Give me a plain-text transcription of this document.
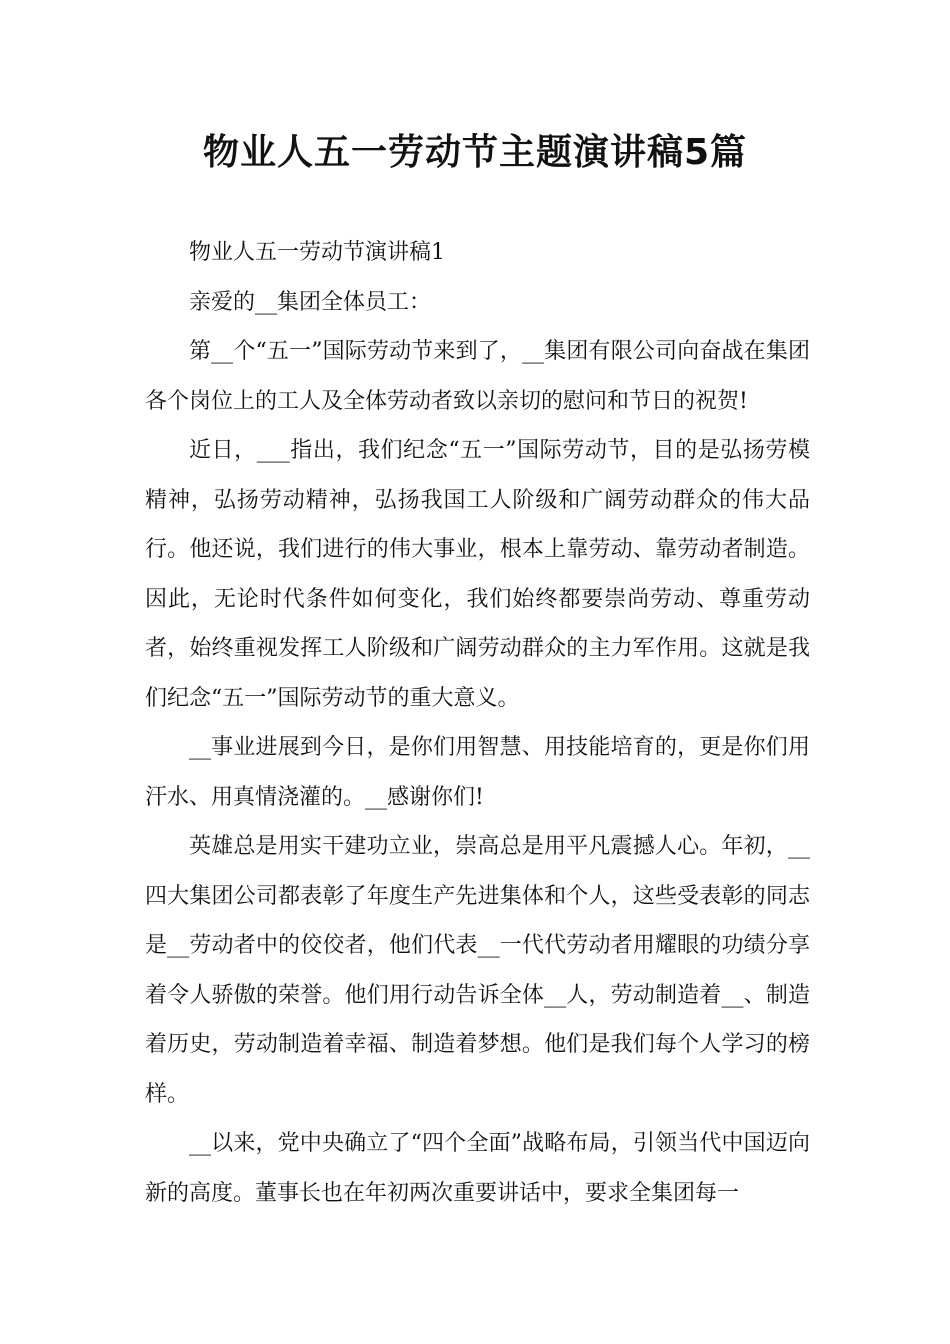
物业人五一劳动节主题演讲稿5篇

物业人五一劳动节演讲稿1

亲爱的__集团全体员工：

第__个“五一”国际劳动节来到了，__集团有限公司向奋战在集团各个岗位上的工人及全体劳动者致以亲切的慰问和节日的祝贺!

近日，___指出，我们纪念“五一”国际劳动节，目的是弘扬劳模精神，弘扬劳动精神，弘扬我国工人阶级和广阔劳动群众的伟大品行。他还说，我们进行的伟大事业，根本上靠劳动、靠劳动者制造。因此，无论时代条件如何变化，我们始终都要崇尚劳动、尊重劳动者，始终重视发挥工人阶级和广阔劳动群众的主力军作用。这就是我们纪念“五一”国际劳动节的重大意义。

__事业进展到今日，是你们用智慧、用技能培育的，更是你们用汗水、用真情浇灌的。__感谢你们!

英雄总是用实干建功立业，崇高总是用平凡震撼人心。年初，__四大集团公司都表彰了年度生产先进集体和个人，这些受表彰的同志是__劳动者中的佼佼者，他们代表__一代代劳动者用耀眼的功绩分享着令人骄傲的荣誉。他们用行动告诉全体__人，劳动制造着__、制造着历史，劳动制造着幸福、制造着梦想。他们是我们每个人学习的榜样。

__以来，党中央确立了“四个全面”战略布局，引领当代中国迈向新的高度。董事长也在年初两次重要讲话中，要求全集团每一
